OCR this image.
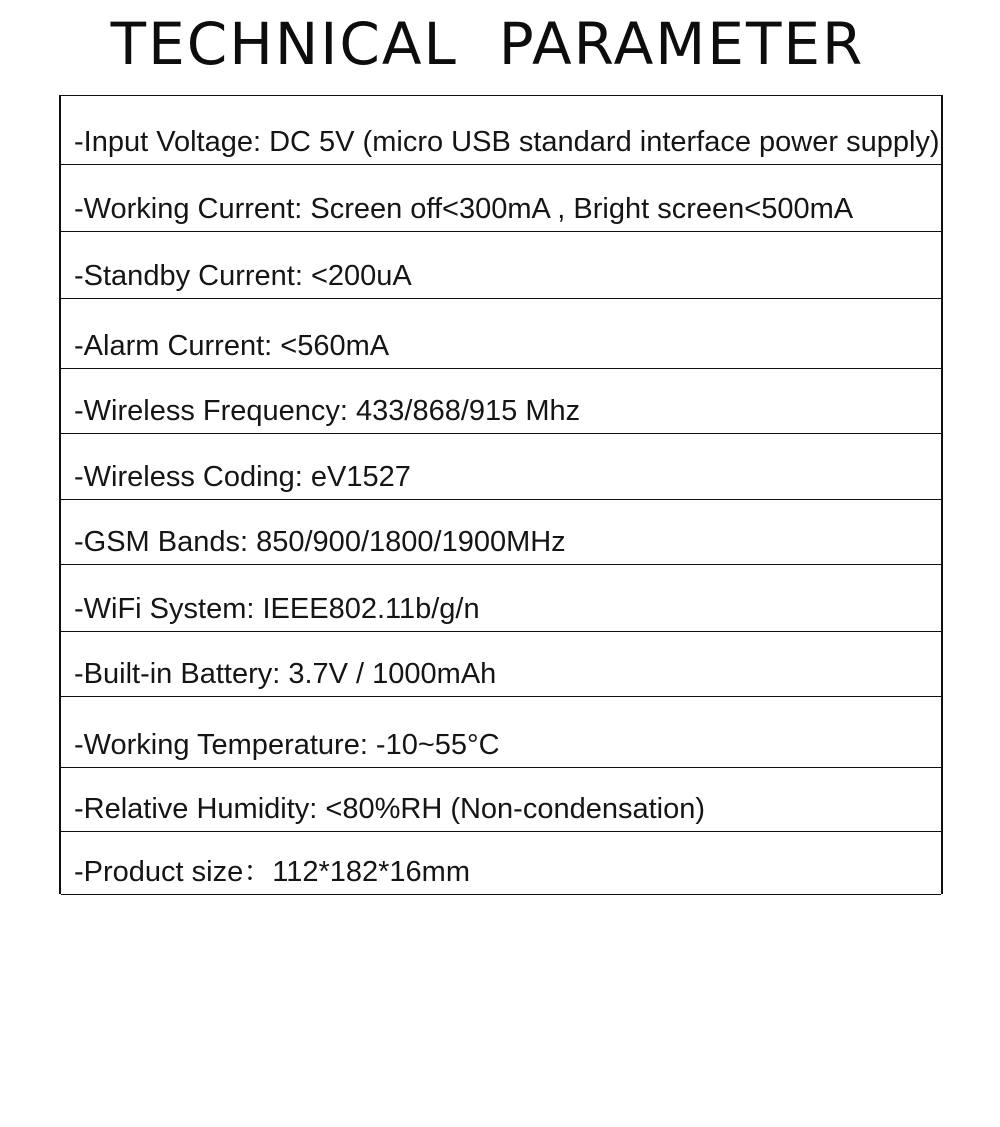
TECHNICAL  PARAMETER
-Input Voltage: DC 5V (micro USB standard interface power supply)
-Working Current: Screen off<300mA , Bright screen<500mA
-Standby Current: <200uA
-Alarm Current: <560mA
-Wireless Frequency: 433/868/915 Mhz
-Wireless Coding: eV1527
-GSM Bands: 850/900/1800/1900MHz
-WiFi System: IEEE802.11b/g/n
-Built-in Battery: 3.7V / 1000mAh
-Working Temperature: -10~55°C
-Relative Humidity: <80%RH (Non-condensation)
-Product size：112*182*16mm
